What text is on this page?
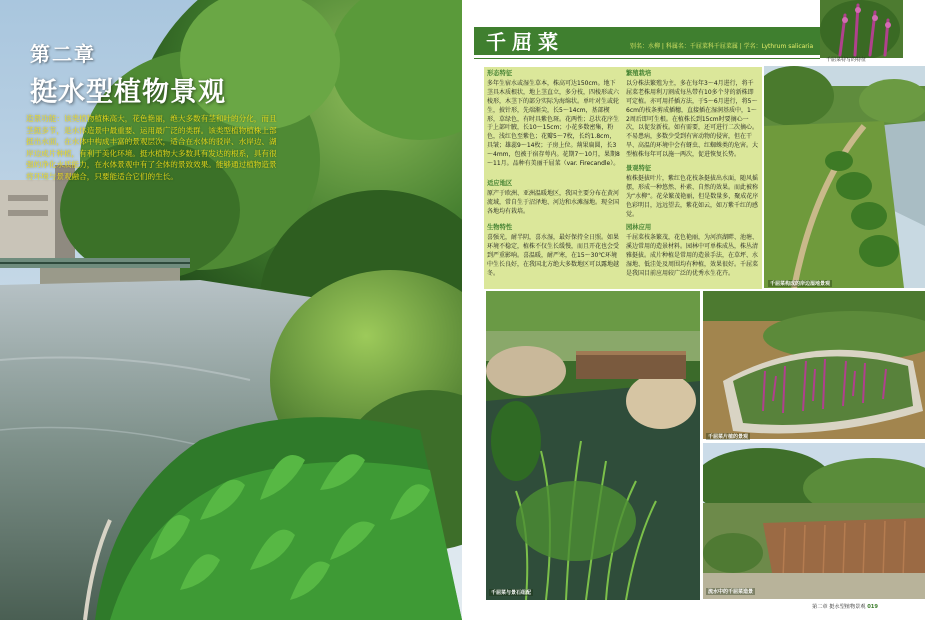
第二章
挺水型植物景观
造景功能：该类植物植株高大，花色艳丽，绝大多数有茎和叶的分化，而且茎挺多节，是水体造景中最重要、运用最广泛的类群。该类型植物植株上部挺出水面，在水体中构成丰富的景观层次，适合在水体的驳岸、水岸边、湖岸边成片种植，有利于美化环境。挺水植物大多数具有发达的根系，具有很强的净化水质能力，在水体景观中有了全体的景致效果。能够通过植物造景将环境与景观融合，只要能适合它们的生长。
千屈菜	别名：水柳 | 科属名：千屈菜科千屈菜属 | 学名：Lythrum salicaria
千屈菜特写的特征
形态特征
多年生宿水或湿生草本，株高可达150cm。地下茎具木质根状，地上茎直立，多分枝，四棱形或六棱形，木茎下的部分实际为海绵状。单叶对生或轮生，披针形，先端渐尖，长5～14cm，基部楔形，草绿色，有时具紫色斑。花两性；总状花序生于上部叶腋，长10～15cm；小花多数密集，粉色，浅红色至紫色；花瓣5～7枚，长约1.8cm，具皱；雄蕊9～14枚；子房上位。蒴果扁圆，长3～4mm，包被于宿存萼内。花期7～10月，果期8～11月。品种有美丽千屈菜（var. Firecandle）。
适应地区
原产于欧洲、亚洲温暖地区，我国主要分布在黄河流域，常自生于沼泽地、河边和水滩湿地。现全国各地均有栽培。
生物特性
喜强光，耐半阴，喜水湿，最好保持全日照。如果环境不稳定，植株不仅生长缓慢，而且开花也会受到严重影响。喜温暖，耐严寒，在15～30℃环境中生长良好，在我国北方绝大多数地区可以露地越冬。
繁殖栽培
以分株法繁殖为主，多在每年3～4月进行，将千屈菜老株用利刀割成每丛带有10多个芽的新株即可定植。亦可用扦插方法，于5～6月进行，将5～6cm的枝条剪成插穗，直接插在湿润基质中，1～2周后即可生根。在植株长到15cm时要摘心一次，以促发新枝。如有需要，还可进行二次摘心。不易患病，多数少受到有害动物的侵害，但在干旱、高温的环境中会有蚜虫、红蜘蛛类的危害。大型植株每年可以施一两次，促进恢复长势。
景观特征
植株挺拔叶片，紫红色花枝条挺拔出水面，随风摇摆，形成一种悠然、朴素、自然的效果。而此被称为“水柳”。花朵繁茂艳丽，但是数量多，聚成花序色彩明目，远远望去，紫花如云，如万紫千红的感觉。
园林应用
千屈菜枝条繁茂，花色艳丽，为河滨湖畔、池塘、溪边常用的造景材料。园林中可单株成丛，株丛清雅挺拔。成片种植是常用的造景手法，在草坪、水湿地、低洼处及周围均有种植，效果很好。千屈菜是我国目前应用较广泛的优秀水生花卉。
千屈菜构成的岸边湿地景观
千屈菜与景石组配
千屈菜片植的景观
流水中的千屈菜造景
第二章 挺水型植物景观 019
